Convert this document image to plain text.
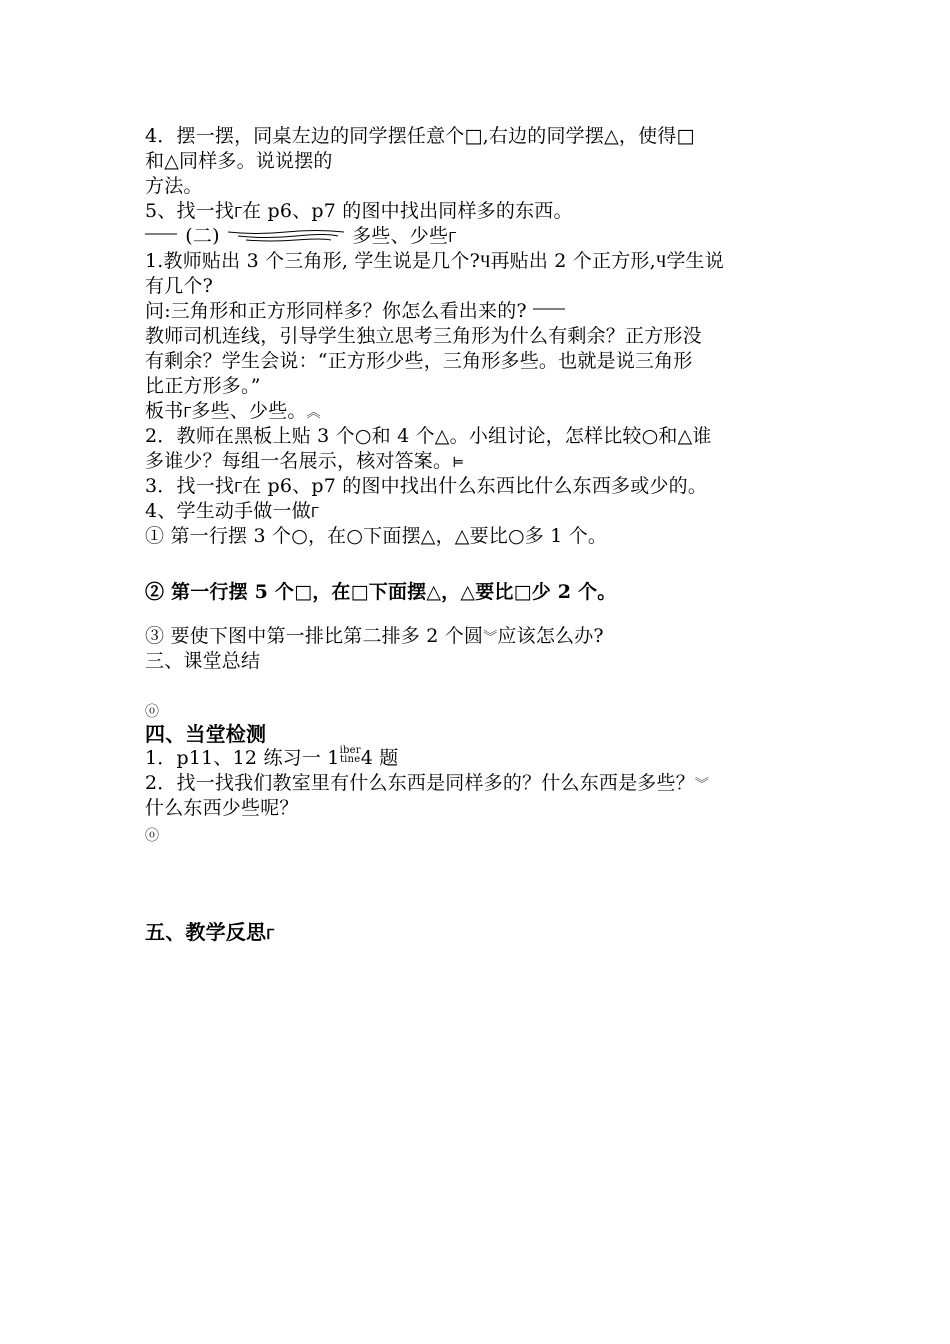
4．摆一摆，同桌左边的同学摆任意个□,右边的同学摆△，使得□
和△同样多。说说摆的
方法。
5、找一找ᒥ在 p6、p7 的图中找出同样多的东西。
(二)	多些、少些ᒥ
1.教师贴出 3 个三角形, 学生说是几个?Ⴗ再贴出 2 个正方形,Ⴗ学生说
有几个?
问:三角形和正方形同样多？你怎么看出来的?
教师司机连线，引导学生独立思考三角形为什么有剩余？正方形没
有剩余？学生会说：“正方形少些，三角形多些。也就是说三角形
比正方形多。”
板书ᒥ多些、少些。︽
2．教师在黑板上贴 3 个○和 4 个△。小组讨论，怎样比较○和△谁
多谁少？每组一名展示，核对答案。⊨
3．找一找ᒥ在 p6、p7 的图中找出什么东西比什么东西多或少的。
4、学生动手做一做ᒥ
① 第一行摆 3 个○，在○下面摆△，△要比○多 1 个。
② 第一行摆 5 个□，在□下面摆△，△要比□少 2 个。
③ 要使下图中第一排比第二排多 2 个圆︾应该怎么办?
三、课堂总结
ⓞ
四、当堂检测
1．p11、12 练习一 1 iber
tine 4 题
2．找一找我们教室里有什么东西是同样多的？什么东西是多些？︾
什么东西少些呢？
ⓞ
五、教学反思ᒥ
